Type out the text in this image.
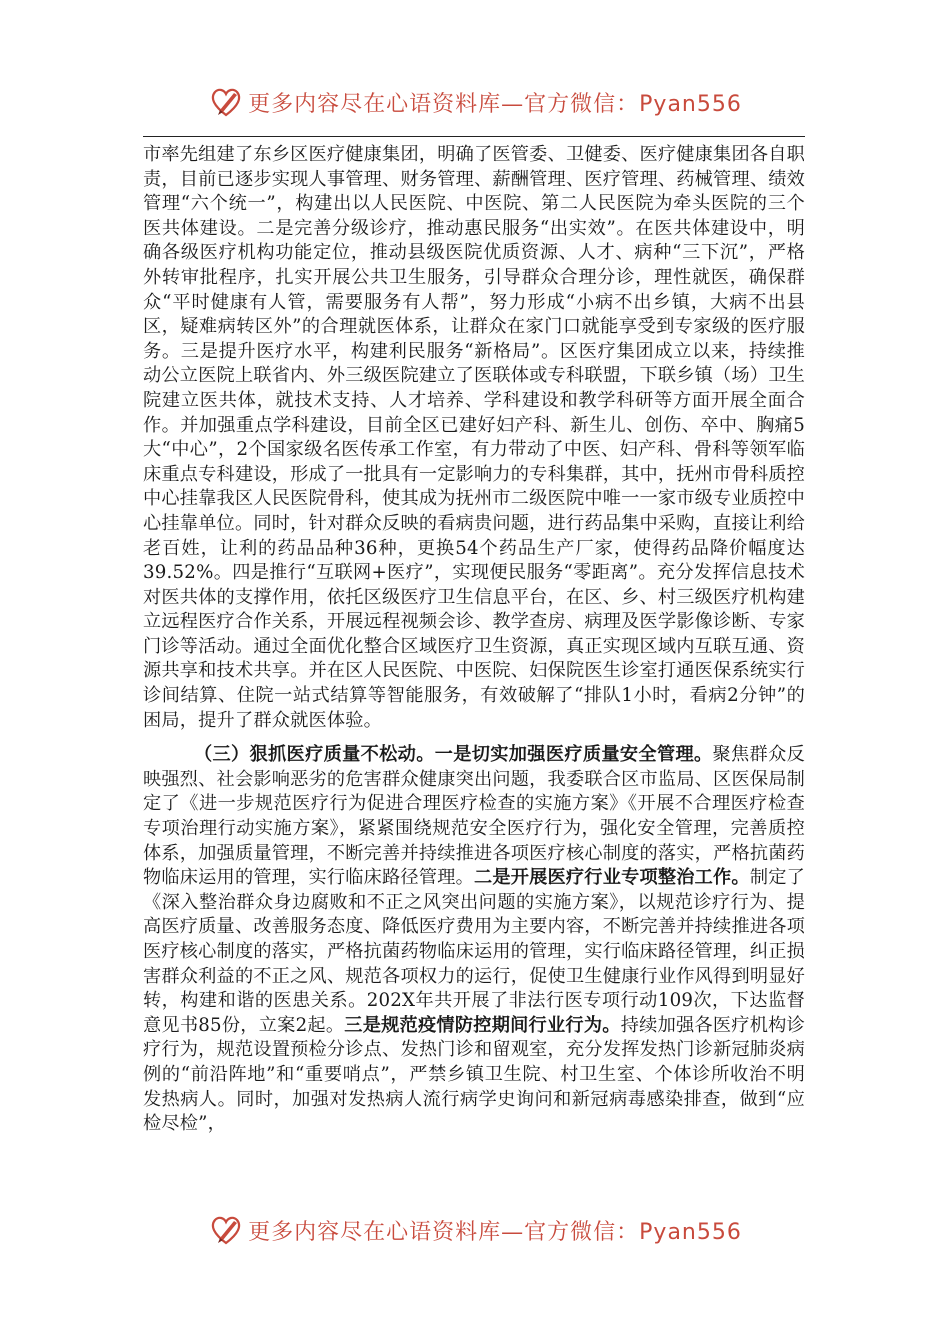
更多内容尽在心语资料库—官方微信：Pyan556

市率先组建了东乡区医疗健康集团，明确了医管委、卫健委、医疗健康集团各自职责，目前已逐步实现人事管理、财务管理、薪酬管理、医疗管理、药械管理、绩效管理“六个统一”，构建出以人民医院、中医院、第二人民医院为牵头医院的三个医共体建设。二是完善分级诊疗，推动惠民服务“出实效”。在医共体建设中，明确各级医疗机构功能定位，推动县级医院优质资源、人才、病种“三下沉”，严格外转审批程序，扎实开展公共卫生服务，引导群众合理分诊，理性就医，确保群众“平时健康有人管，需要服务有人帮”，努力形成“小病不出乡镇，大病不出县区，疑难病转区外”的合理就医体系，让群众在家门口就能享受到专家级的医疗服务。三是提升医疗水平，构建利民服务“新格局”。区医疗集团成立以来，持续推动公立医院上联省内、外三级医院建立了医联体或专科联盟，下联乡镇（场）卫生院建立医共体，就技术支持、人才培养、学科建设和教学科研等方面开展全面合作。并加强重点学科建设，目前全区已建好妇产科、新生儿、创伤、卒中、胸痛5大“中心”，2个国家级名医传承工作室，有力带动了中医、妇产科、骨科等领军临床重点专科建设，形成了一批具有一定影响力的专科集群，其中，抚州市骨科质控中心挂靠我区人民医院骨科，使其成为抚州市二级医院中唯一一家市级专业质控中心挂靠单位。同时，针对群众反映的看病贵问题，进行药品集中采购，直接让利给老百姓，让利的药品品种36种，更换54个药品生产厂家，使得药品降价幅度达39.52%。四是推行“互联网+医疗”，实现便民服务“零距离”。充分发挥信息技术对医共体的支撑作用，依托区级医疗卫生信息平台，在区、乡、村三级医疗机构建立远程医疗合作关系，开展远程视频会诊、教学查房、病理及医学影像诊断、专家门诊等活动。通过全面优化整合区域医疗卫生资源，真正实现区域内互联互通、资源共享和技术共享。并在区人民医院、中医院、妇保院医生诊室打通医保系统实行诊间结算、住院一站式结算等智能服务，有效破解了“排队1小时，看病2分钟”的困局，提升了群众就医体验。

（三）狠抓医疗质量不松动。一是切实加强医疗质量安全管理。聚焦群众反映强烈、社会影响恶劣的危害群众健康突出问题，我委联合区市监局、区医保局制定了《进一步规范医疗行为促进合理医疗检查的实施方案》《开展不合理医疗检查专项治理行动实施方案》，紧紧围绕规范安全医疗行为，强化安全管理，完善质控体系，加强质量管理，不断完善并持续推进各项医疗核心制度的落实，严格抗菌药物临床运用的管理，实行临床路径管理。二是开展医疗行业专项整治工作。制定了《深入整治群众身边腐败和不正之风突出问题的实施方案》，以规范诊疗行为、提高医疗质量、改善服务态度、降低医疗费用为主要内容，不断完善并持续推进各项医疗核心制度的落实，严格抗菌药物临床运用的管理，实行临床路径管理，纠正损害群众利益的不正之风、规范各项权力的运行，促使卫生健康行业作风得到明显好转，构建和谐的医患关系。202X年共开展了非法行医专项行动109次，下达监督意见书85份，立案2起。三是规范疫情防控期间行业行为。持续加强各医疗机构诊疗行为，规范设置预检分诊点、发热门诊和留观室，充分发挥发热门诊新冠肺炎病例的“前沿阵地”和“重要哨点”，严禁乡镇卫生院、村卫生室、个体诊所收治不明发热病人。同时，加强对发热病人流行病学史询问和新冠病毒感染排查，做到“应检尽检”，

更多内容尽在心语资料库—官方微信：Pyan556
